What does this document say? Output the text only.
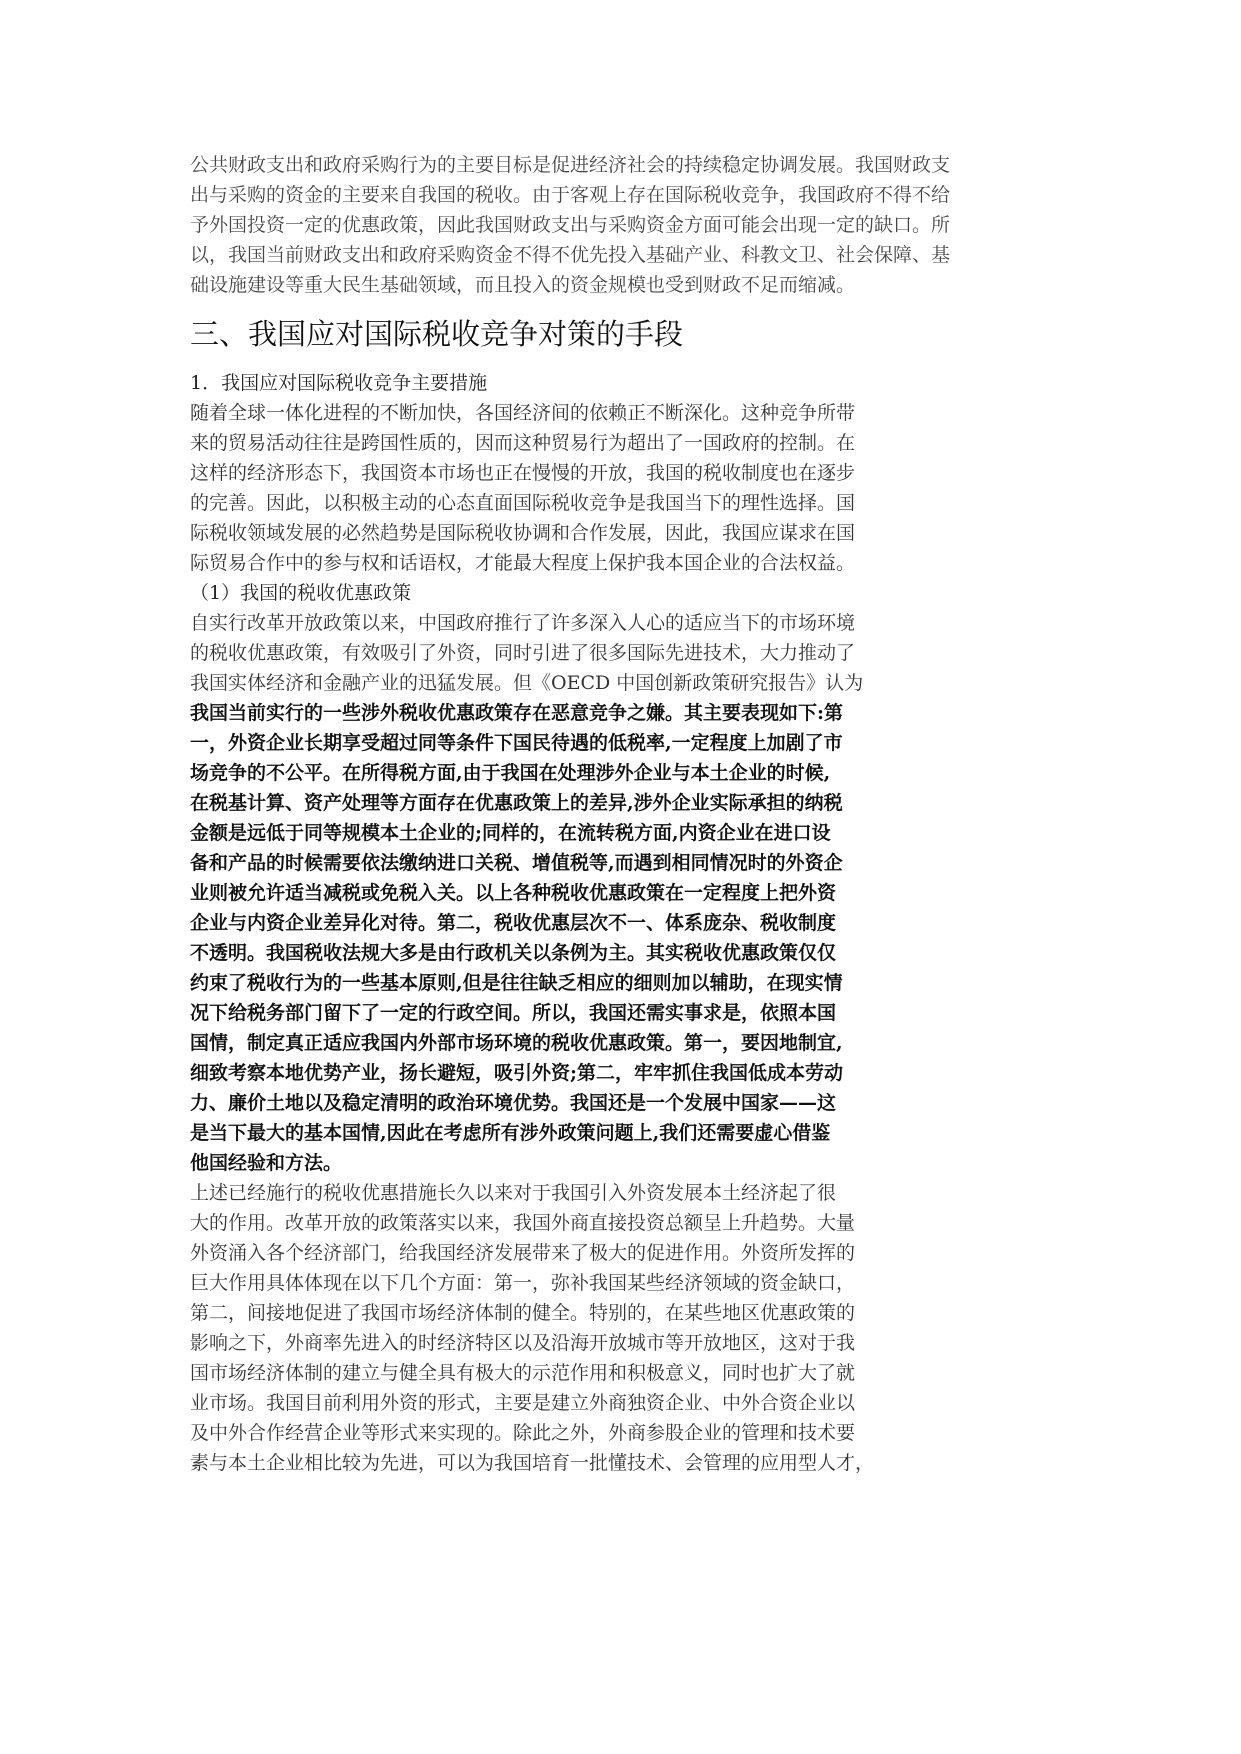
公共财政支出和政府采购行为的主要目标是促进经济社会的持续稳定协调发展。我国财政支
出与采购的资金的主要来自我国的税收。由于客观上存在国际税收竞争，我国政府不得不给
予外国投资一定的优惠政策，因此我国财政支出与采购资金方面可能会出现一定的缺口。所
以，我国当前财政支出和政府采购资金不得不优先投入基础产业、科教文卫、社会保障、基
础设施建设等重大民生基础领域，而且投入的资金规模也受到财政不足而缩减。
三、我国应对国际税收竞争对策的手段

1．我国应对国际税收竞争主要措施

随着全球一体化进程的不断加快，各国经济间的依赖正不断深化。这种竞争所带
来的贸易活动往往是跨国性质的，因而这种贸易行为超出了一国政府的控制。在
这样的经济形态下，我国资本市场也正在慢慢的开放，我国的税收制度也在逐步
的完善。因此，以积极主动的心态直面国际税收竞争是我国当下的理性选择。国
际税收领域发展的必然趋势是国际税收协调和合作发展，因此，我国应谋求在国
际贸易合作中的参与权和话语权，才能最大程度上保护我本国企业的合法权益。

（1）我国的税收优惠政策

自实行改革开放政策以来，中国政府推行了许多深入人心的适应当下的市场环境
的税收优惠政策，有效吸引了外资，同时引进了很多国际先进技术，大力推动了
我国实体经济和金融产业的迅猛发展。但《OECD 中国创新政策研究报告》认为
我国当前实行的一些涉外税收优惠政策存在恶意竞争之嫌。其主要表现如下:第
一，外资企业长期享受超过同等条件下国民待遇的低税率,一定程度上加剧了市
场竞争的不公平。在所得税方面,由于我国在处理涉外企业与本土企业的时候,
在税基计算、资产处理等方面存在优惠政策上的差异,涉外企业实际承担的纳税
金额是远低于同等规模本土企业的;同样的，在流转税方面,内资企业在进口设
备和产品的时候需要依法缴纳进口关税、增值税等,而遇到相同情况时的外资企
业则被允许适当减税或免税入关。以上各种税收优惠政策在一定程度上把外资
企业与内资企业差异化对待。第二，税收优惠层次不一、体系庞杂、税收制度
不透明。我国税收法规大多是由行政机关以条例为主。其实税收优惠政策仅仅
约束了税收行为的一些基本原则,但是往往缺乏相应的细则加以辅助，在现实情
况下给税务部门留下了一定的行政空间。所以，我国还需实事求是，依照本国
国情，制定真正适应我国内外部市场环境的税收优惠政策。第一，要因地制宜,
细致考察本地优势产业，扬长避短，吸引外资;第二，牢牢抓住我国低成本劳动
力、廉价土地以及稳定清明的政治环境优势。我国还是一个发展中国家——这
是当下最大的基本国情,因此在考虑所有涉外政策问题上,我们还需要虚心借鉴
他国经验和方法。
上述已经施行的税收优惠措施长久以来对于我国引入外资发展本土经济起了很
大的作用。改革开放的政策落实以来，我国外商直接投资总额呈上升趋势。大量
外资涌入各个经济部门，给我国经济发展带来了极大的促进作用。外资所发挥的
巨大作用具体体现在以下几个方面：第一，弥补我国某些经济领域的资金缺口，
第二，间接地促进了我国市场经济体制的健全。特别的，在某些地区优惠政策的
影响之下，外商率先进入的时经济特区以及沿海开放城市等开放地区，这对于我
国市场经济体制的建立与健全具有极大的示范作用和积极意义，同时也扩大了就
业市场。我国目前利用外资的形式，主要是建立外商独资企业、中外合资企业以
及中外合作经营企业等形式来实现的。除此之外，外商参股企业的管理和技术要
素与本土企业相比较为先进，可以为我国培育一批懂技术、会管理的应用型人才，
